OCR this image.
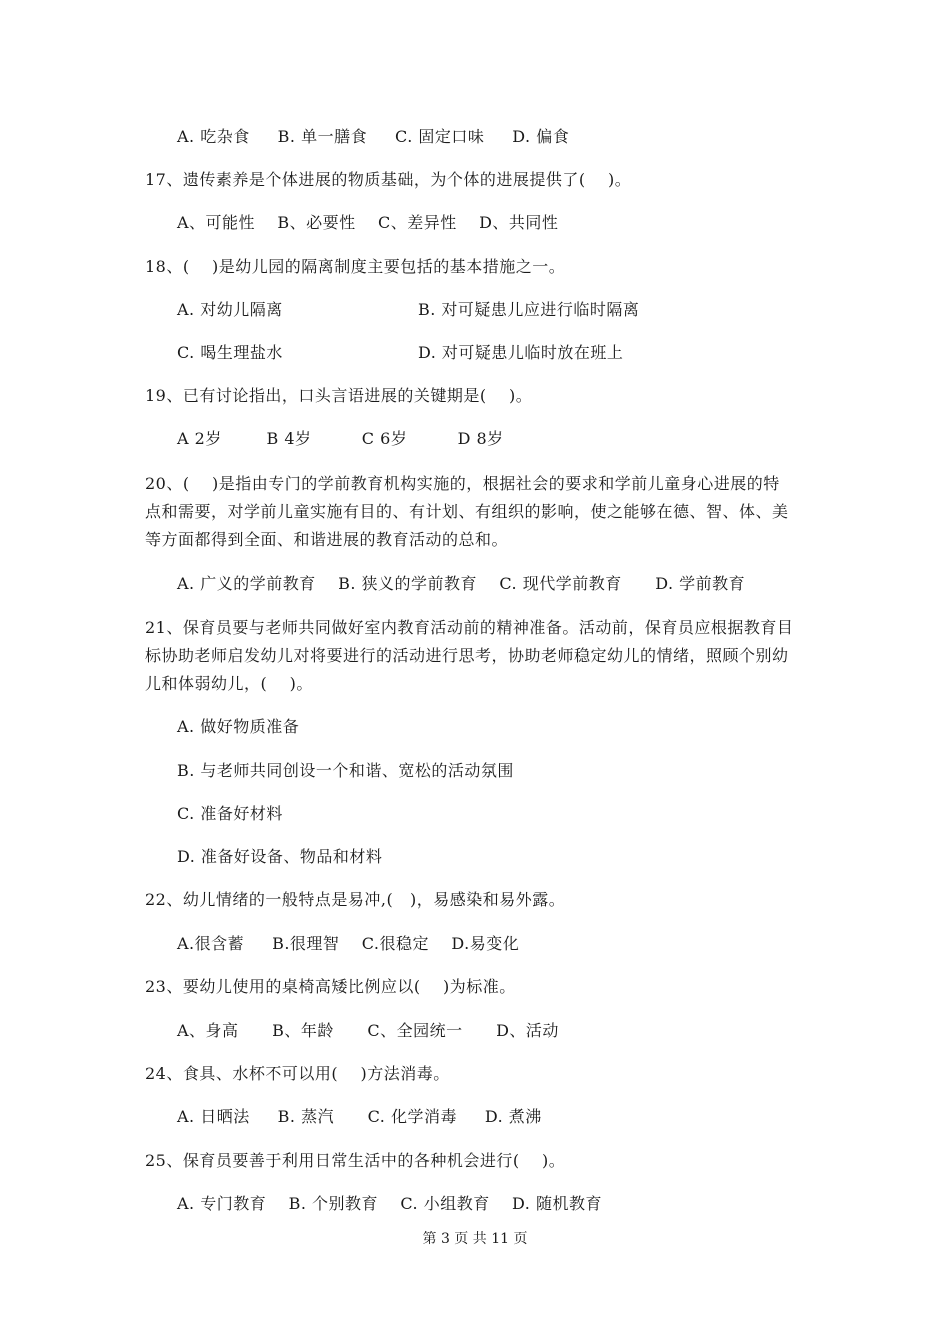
A. 吃杂食     B. 单一膳食     C. 固定口味     D. 偏食
17、遗传素养是个体进展的物质基础，为个体的进展提供了(    )。
A、可能性    B、必要性    C、差异性    D、共同性
18、(    )是幼儿园的隔离制度主要包括的基本措施之一。
A. 对幼儿隔离	B. 对可疑患儿应进行临时隔离
C. 喝生理盐水	D. 对可疑患儿临时放在班上
19、已有讨论指出，口头言语进展的关键期是(    )。
A 2岁        B 4岁         C 6岁         D 8岁
20、(    )是指由专门的学前教育机构实施的，根据社会的要求和学前儿童身心进展的特
点和需要，对学前儿童实施有目的、有计划、有组织的影响，使之能够在德、智、体、美
等方面都得到全面、和谐进展的教育活动的总和。
A. 广义的学前教育    B. 狭义的学前教育    C. 现代学前教育      D. 学前教育
21、保育员要与老师共同做好室内教育活动前的精神准备。活动前，保育员应根据教育目
标协助老师启发幼儿对将要进行的活动进行思考，协助老师稳定幼儿的情绪，照顾个别幼
儿和体弱幼儿，(    )。
A. 做好物质准备
B. 与老师共同创设一个和谐、宽松的活动氛围
C. 准备好材料
D. 准备好设备、物品和材料
22、幼儿情绪的一般特点是易冲,(   )，易感染和易外露。
A.很含蓄     B.很理智    C.很稳定    D.易变化
23、要幼儿使用的桌椅高矮比例应以(    )为标准。
A、身高      B、年龄      C、全园统一      D、活动
24、食具、水杯不可以用(    )方法消毒。
A. 日晒法     B. 蒸汽      C. 化学消毒     D. 煮沸
25、保育员要善于利用日常生活中的各种机会进行(    )。
A. 专门教育    B. 个别教育    C. 小组教育    D. 随机教育
第 3 页 共 11 页
